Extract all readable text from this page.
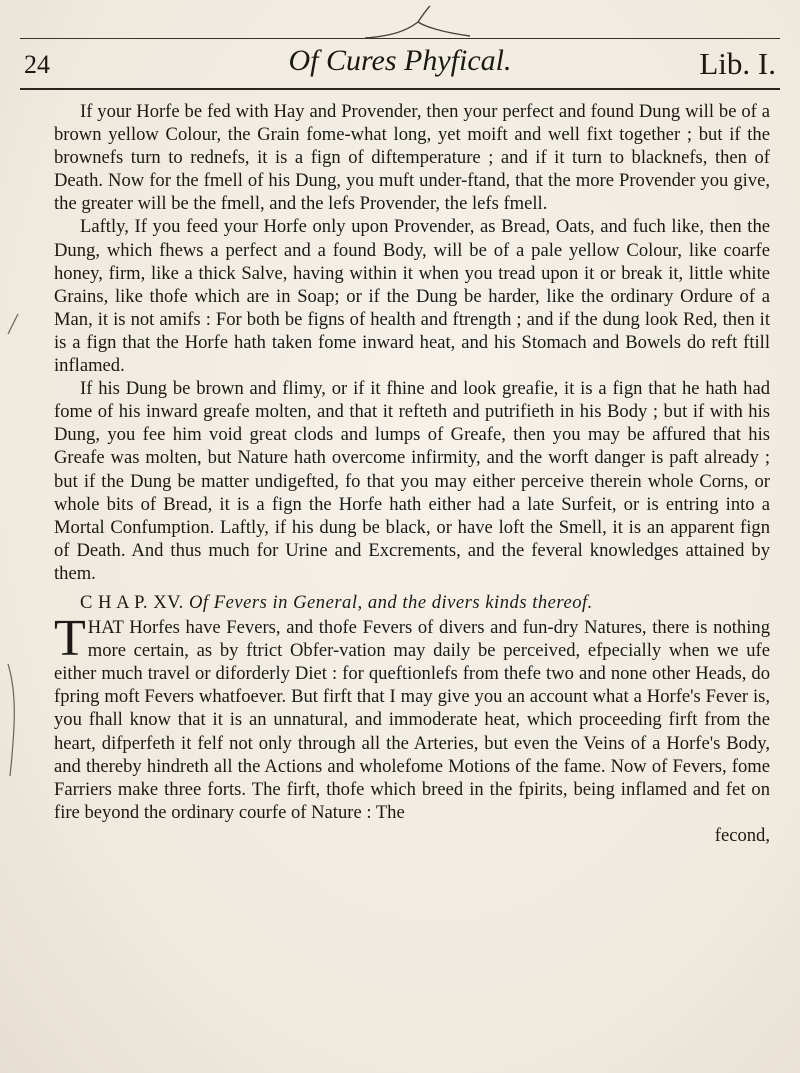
24	Of Cures Phyfical.	Lib. I.

If your Horfe be fed with Hay and Provender, then your perfect and found Dung will be of a brown yellow Colour, the Grain fome-what long, yet moift and well fixt together ; but if the brownefs turn to rednefs, it is a fign of diftemperature ; and if it turn to blacknefs, then of Death. Now for the fmell of his Dung, you muft under-ftand, that the more Provender you give, the greater will be the fmell, and the lefs Provender, the lefs fmell.

Laftly, If you feed your Horfe only upon Provender, as Bread, Oats, and fuch like, then the Dung, which fhews a perfect and a found Body, will be of a pale yellow Colour, like coarfe honey, firm, like a thick Salve, having within it when you tread upon it or break it, little white Grains, like thofe which are in Soap; or if the Dung be harder, like the ordinary Ordure of a Man, it is not amifs : For both be figns of health and ftrength ; and if the dung look Red, then it is a fign that the Horfe hath taken fome inward heat, and his Stomach and Bowels do reft ftill inflamed.

If his Dung be brown and flimy, or if it fhine and look greafie, it is a fign that he hath had fome of his inward greafe molten, and that it refteth and putrifieth in his Body ; but if with his Dung, you fee him void great clods and lumps of Greafe, then you may be affured that his Greafe was molten, but Nature hath overcome infirmity, and the worft danger is paft already ; but if the Dung be matter undigefted, fo that you may either perceive therein whole Corns, or whole bits of Bread, it is a fign the Horfe hath either had a late Surfeit, or is entring into a Mortal Confumption. Laftly, if his dung be black, or have loft the Smell, it is an apparent fign of Death. And thus much for Urine and Excrements, and the feveral knowledges attained by them.

C H A P. XV. Of Fevers in General, and the divers kinds thereof.

T HAT Horfes have Fevers, and thofe Fevers of divers and fun-dry Natures, there is nothing more certain, as by ftrict Obfer-vation may daily be perceived, efpecially when we ufe either much travel or diforderly Diet : for queftionlefs from thefe two and none other Heads, do fpring moft Fevers whatfoever. But firft that I may give you an account what a Horfe's Fever is, you fhall know that it is an unnatural, and immoderate heat, which proceeding firft from the heart, difperfeth it felf not only through all the Arteries, but even the Veins of a Horfe's Body, and thereby hindreth all the Actions and wholefome Motions of the fame. Now of Fevers, fome Farriers make three forts. The firft, thofe which breed in the fpirits, being inflamed and fet on fire beyond the ordinary courfe of Nature : The

fecond,
